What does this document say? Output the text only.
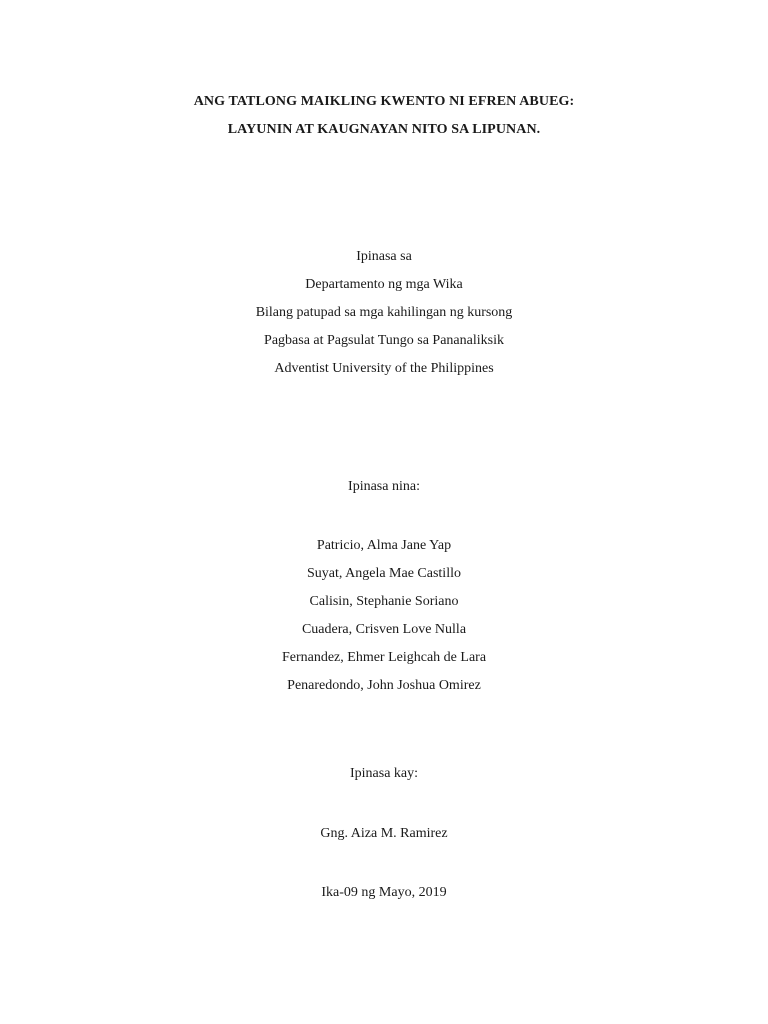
ANG TATLONG MAIKLING KWENTO NI EFREN ABUEG:
LAYUNIN AT KAUGNAYAN NITO SA LIPUNAN.
Ipinasa sa
Departamento ng mga Wika
Bilang patupad sa mga kahilingan ng kursong
Pagbasa at Pagsulat Tungo sa Pananaliksik
Adventist University of the Philippines
Ipinasa nina:
Patricio, Alma Jane Yap
Suyat, Angela Mae Castillo
Calisin, Stephanie Soriano
Cuadera, Crisven Love Nulla
Fernandez, Ehmer Leighcah de Lara
Penaredondo, John Joshua Omirez
Ipinasa kay:
Gng. Aiza M. Ramirez
Ika-09 ng Mayo, 2019
